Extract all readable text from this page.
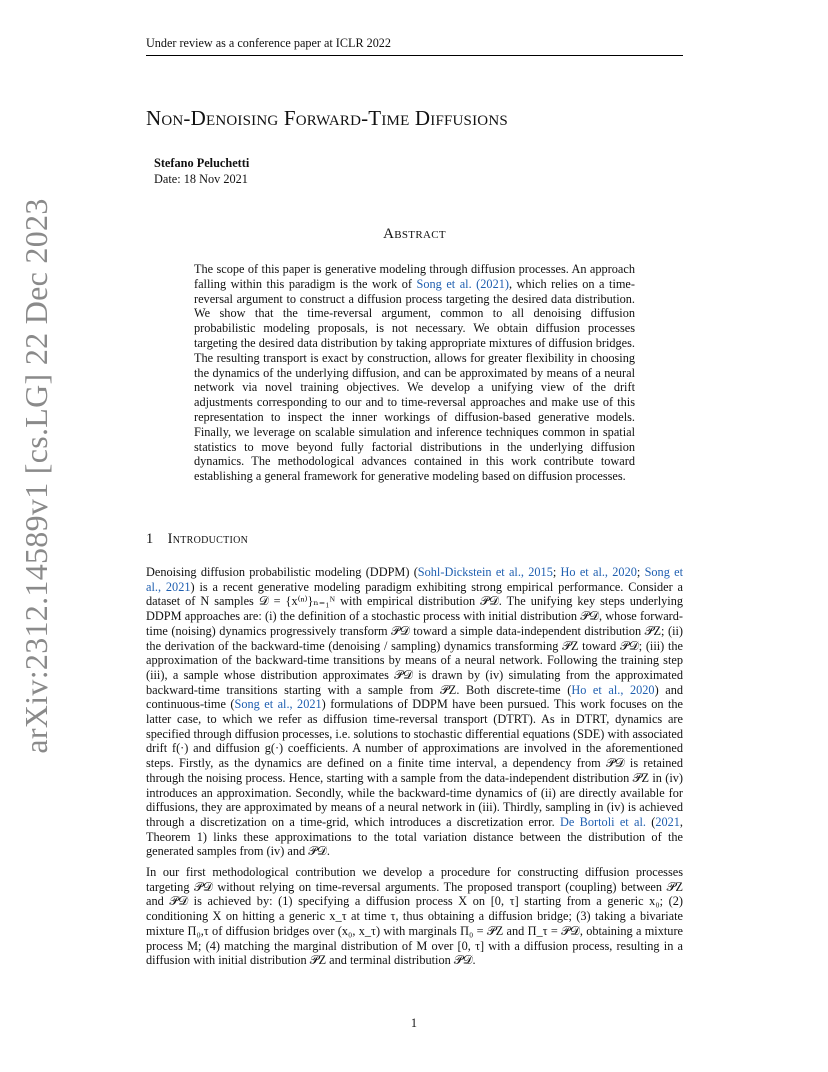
Under review as a conference paper at ICLR 2022
arXiv:2312.14589v1 [cs.LG] 22 Dec 2023
Non-Denoising Forward-Time Diffusions
Stefano Peluchetti
Date: 18 Nov 2021
Abstract
The scope of this paper is generative modeling through diffusion processes. An approach falling within this paradigm is the work of Song et al. (2021), which relies on a time-reversal argument to construct a diffusion process targeting the desired data distribution. We show that the time-reversal argument, common to all denoising diffusion probabilistic modeling proposals, is not necessary. We obtain diffusion processes targeting the desired data distribution by taking appropriate mixtures of diffusion bridges. The resulting transport is exact by construction, allows for greater flexibility in choosing the dynamics of the underlying diffusion, and can be approximated by means of a neural network via novel training objectives. We develop a unifying view of the drift adjustments corresponding to our and to time-reversal approaches and make use of this representation to inspect the inner workings of diffusion-based generative models. Finally, we leverage on scalable simulation and inference techniques common in spatial statistics to move beyond fully factorial distributions in the underlying diffusion dynamics. The methodological advances contained in this work contribute toward establishing a general framework for generative modeling based on diffusion processes.
1 Introduction

Denoising diffusion probabilistic modeling (DDPM) (Sohl-Dickstein et al., 2015; Ho et al., 2020; Song et al., 2021) is a recent generative modeling paradigm exhibiting strong empirical performance. Consider a dataset of N samples 𝒟 = {x⁽ⁿ⁾}ₙ₌₁ᴺ with empirical distribution 𝒫𝒟. The unifying key steps underlying DDPM approaches are: (i) the definition of a stochastic process with initial distribution 𝒫𝒟, whose forward-time (noising) dynamics progressively transform 𝒫𝒟 toward a simple data-independent distribution 𝒫Z; (ii) the derivation of the backward-time (denoising / sampling) dynamics transforming 𝒫Z toward 𝒫𝒟; (iii) the approximation of the backward-time transitions by means of a neural network. Following the training step (iii), a sample whose distribution approximates 𝒫𝒟 is drawn by (iv) simulating from the approximated backward-time transitions starting with a sample from 𝒫Z. Both discrete-time (Ho et al., 2020) and continuous-time (Song et al., 2021) formulations of DDPM have been pursued. This work focuses on the latter case, to which we refer as diffusion time-reversal transport (DTRT). As in DTRT, dynamics are specified through diffusion processes, i.e. solutions to stochastic differential equations (SDE) with associated drift f(·) and diffusion g(·) coefficients. A number of approximations are involved in the aforementioned steps. Firstly, as the dynamics are defined on a finite time interval, a dependency from 𝒫𝒟 is retained through the noising process. Hence, starting with a sample from the data-independent distribution 𝒫Z in (iv) introduces an approximation. Secondly, while the backward-time dynamics of (ii) are directly available for diffusions, they are approximated by means of a neural network in (iii). Thirdly, sampling in (iv) is achieved through a discretization on a time-grid, which introduces a discretization error. De Bortoli et al. (2021, Theorem 1) links these approximations to the total variation distance between the distribution of the generated samples from (iv) and 𝒫𝒟.

In our first methodological contribution we develop a procedure for constructing diffusion processes targeting 𝒫𝒟 without relying on time-reversal arguments. The proposed transport (coupling) between 𝒫Z and 𝒫𝒟 is achieved by: (1) specifying a diffusion process X on [0, τ] starting from a generic x₀; (2) conditioning X on hitting a generic x_τ at time τ, thus obtaining a diffusion bridge; (3) taking a bivariate mixture Π₀,τ of diffusion bridges over (x₀, x_τ) with marginals Π₀ = 𝒫Z and Π_τ = 𝒫𝒟, obtaining a mixture process M; (4) matching the marginal distribution of M over [0, τ] with a diffusion process, resulting in a diffusion with initial distribution 𝒫Z and terminal distribution 𝒫𝒟.

1
